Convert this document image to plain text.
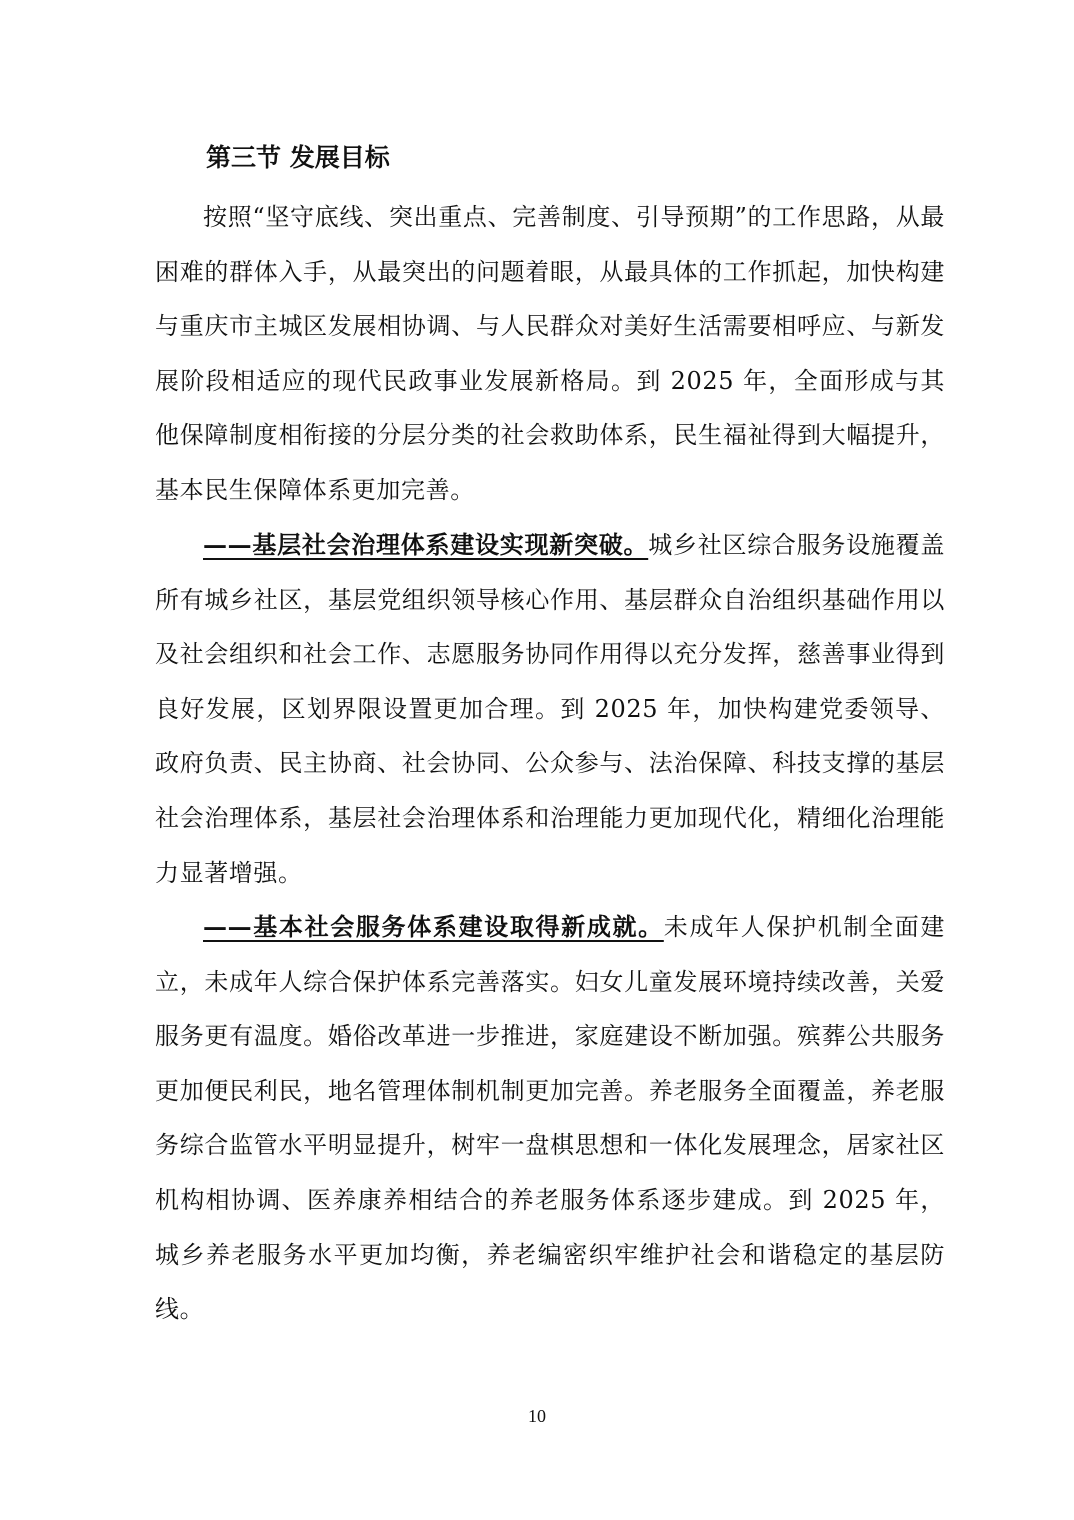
第三节 发展目标

按照“坚守底线、突出重点、完善制度、引导预期”的工作思路，从最困难的群体入手，从最突出的问题着眼，从最具体的工作抓起，加快构建与重庆市主城区发展相协调、与人民群众对美好生活需要相呼应、与新发展阶段相适应的现代民政事业发展新格局。到 2025 年，全面形成与其他保障制度相衔接的分层分类的社会救助体系，民生福祉得到大幅提升，基本民生保障体系更加完善。

——基层社会治理体系建设实现新突破。城乡社区综合服务设施覆盖所有城乡社区，基层党组织领导核心作用、基层群众自治组织基础作用以及社会组织和社会工作、志愿服务协同作用得以充分发挥，慈善事业得到良好发展，区划界限设置更加合理。到 2025 年，加快构建党委领导、政府负责、民主协商、社会协同、公众参与、法治保障、科技支撑的基层社会治理体系，基层社会治理体系和治理能力更加现代化，精细化治理能力显著增强。

——基本社会服务体系建设取得新成就。未成年人保护机制全面建立，未成年人综合保护体系完善落实。妇女儿童发展环境持续改善，关爱服务更有温度。婚俗改革进一步推进，家庭建设不断加强。殡葬公共服务更加便民利民，地名管理体制机制更加完善。养老服务全面覆盖，养老服务综合监管水平明显提升，树牢一盘棋思想和一体化发展理念，居家社区机构相协调、医养康养相结合的养老服务体系逐步建成。到 2025 年，城乡养老服务水平更加均衡，养老编密织牢维护社会和谐稳定的基层防线。

10
